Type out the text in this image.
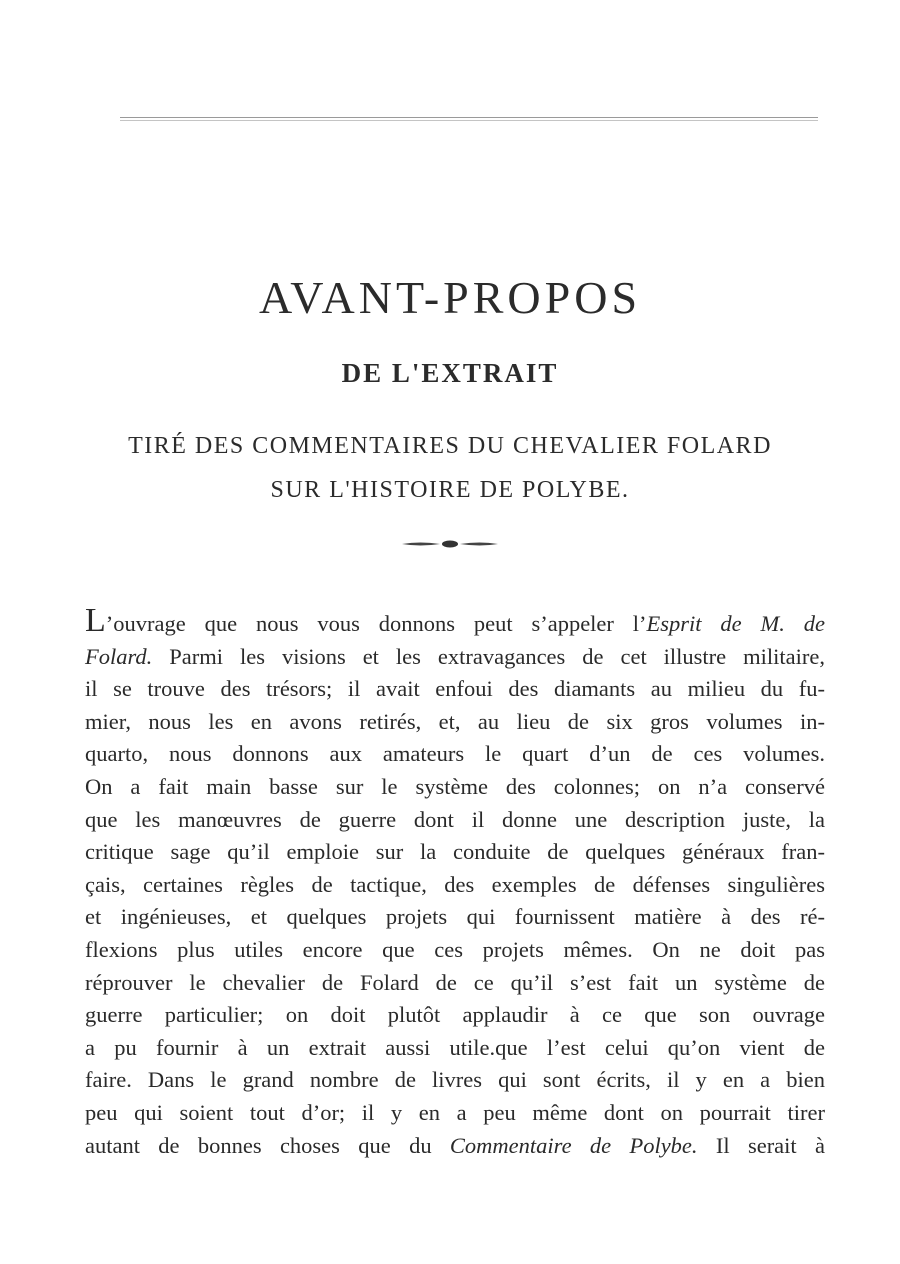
AVANT-PROPOS
DE L'EXTRAIT
TIRÉ DES COMMENTAIRES DU CHEVALIER FOLARD
SUR L'HISTOIRE DE POLYBE.
L’ouvrage que nous vous donnons peut s’appeler l’Esprit de M. de
Folard. Parmi les visions et les extravagances de cet illustre militaire,
il se trouve des trésors; il avait enfoui des diamants au milieu du fu-
mier, nous les en avons retirés, et, au lieu de six gros volumes in-
quarto, nous donnons aux amateurs le quart d’un de ces volumes.
On a fait main basse sur le système des colonnes; on n’a conservé
que les manœuvres de guerre dont il donne une description juste, la
critique sage qu’il emploie sur la conduite de quelques généraux fran-
çais, certaines règles de tactique, des exemples de défenses singulières
et ingénieuses, et quelques projets qui fournissent matière à des ré-
flexions plus utiles encore que ces projets mêmes. On ne doit pas
réprouver le chevalier de Folard de ce qu’il s’est fait un système de
guerre particulier; on doit plutôt applaudir à ce que son ouvrage
a pu fournir à un extrait aussi utile.que l’est celui qu’on vient de
faire. Dans le grand nombre de livres qui sont écrits, il y en a bien
peu qui soient tout d’or; il y en a peu même dont on pourrait tirer
autant de bonnes choses que du Commentaire de Polybe. Il serait à
